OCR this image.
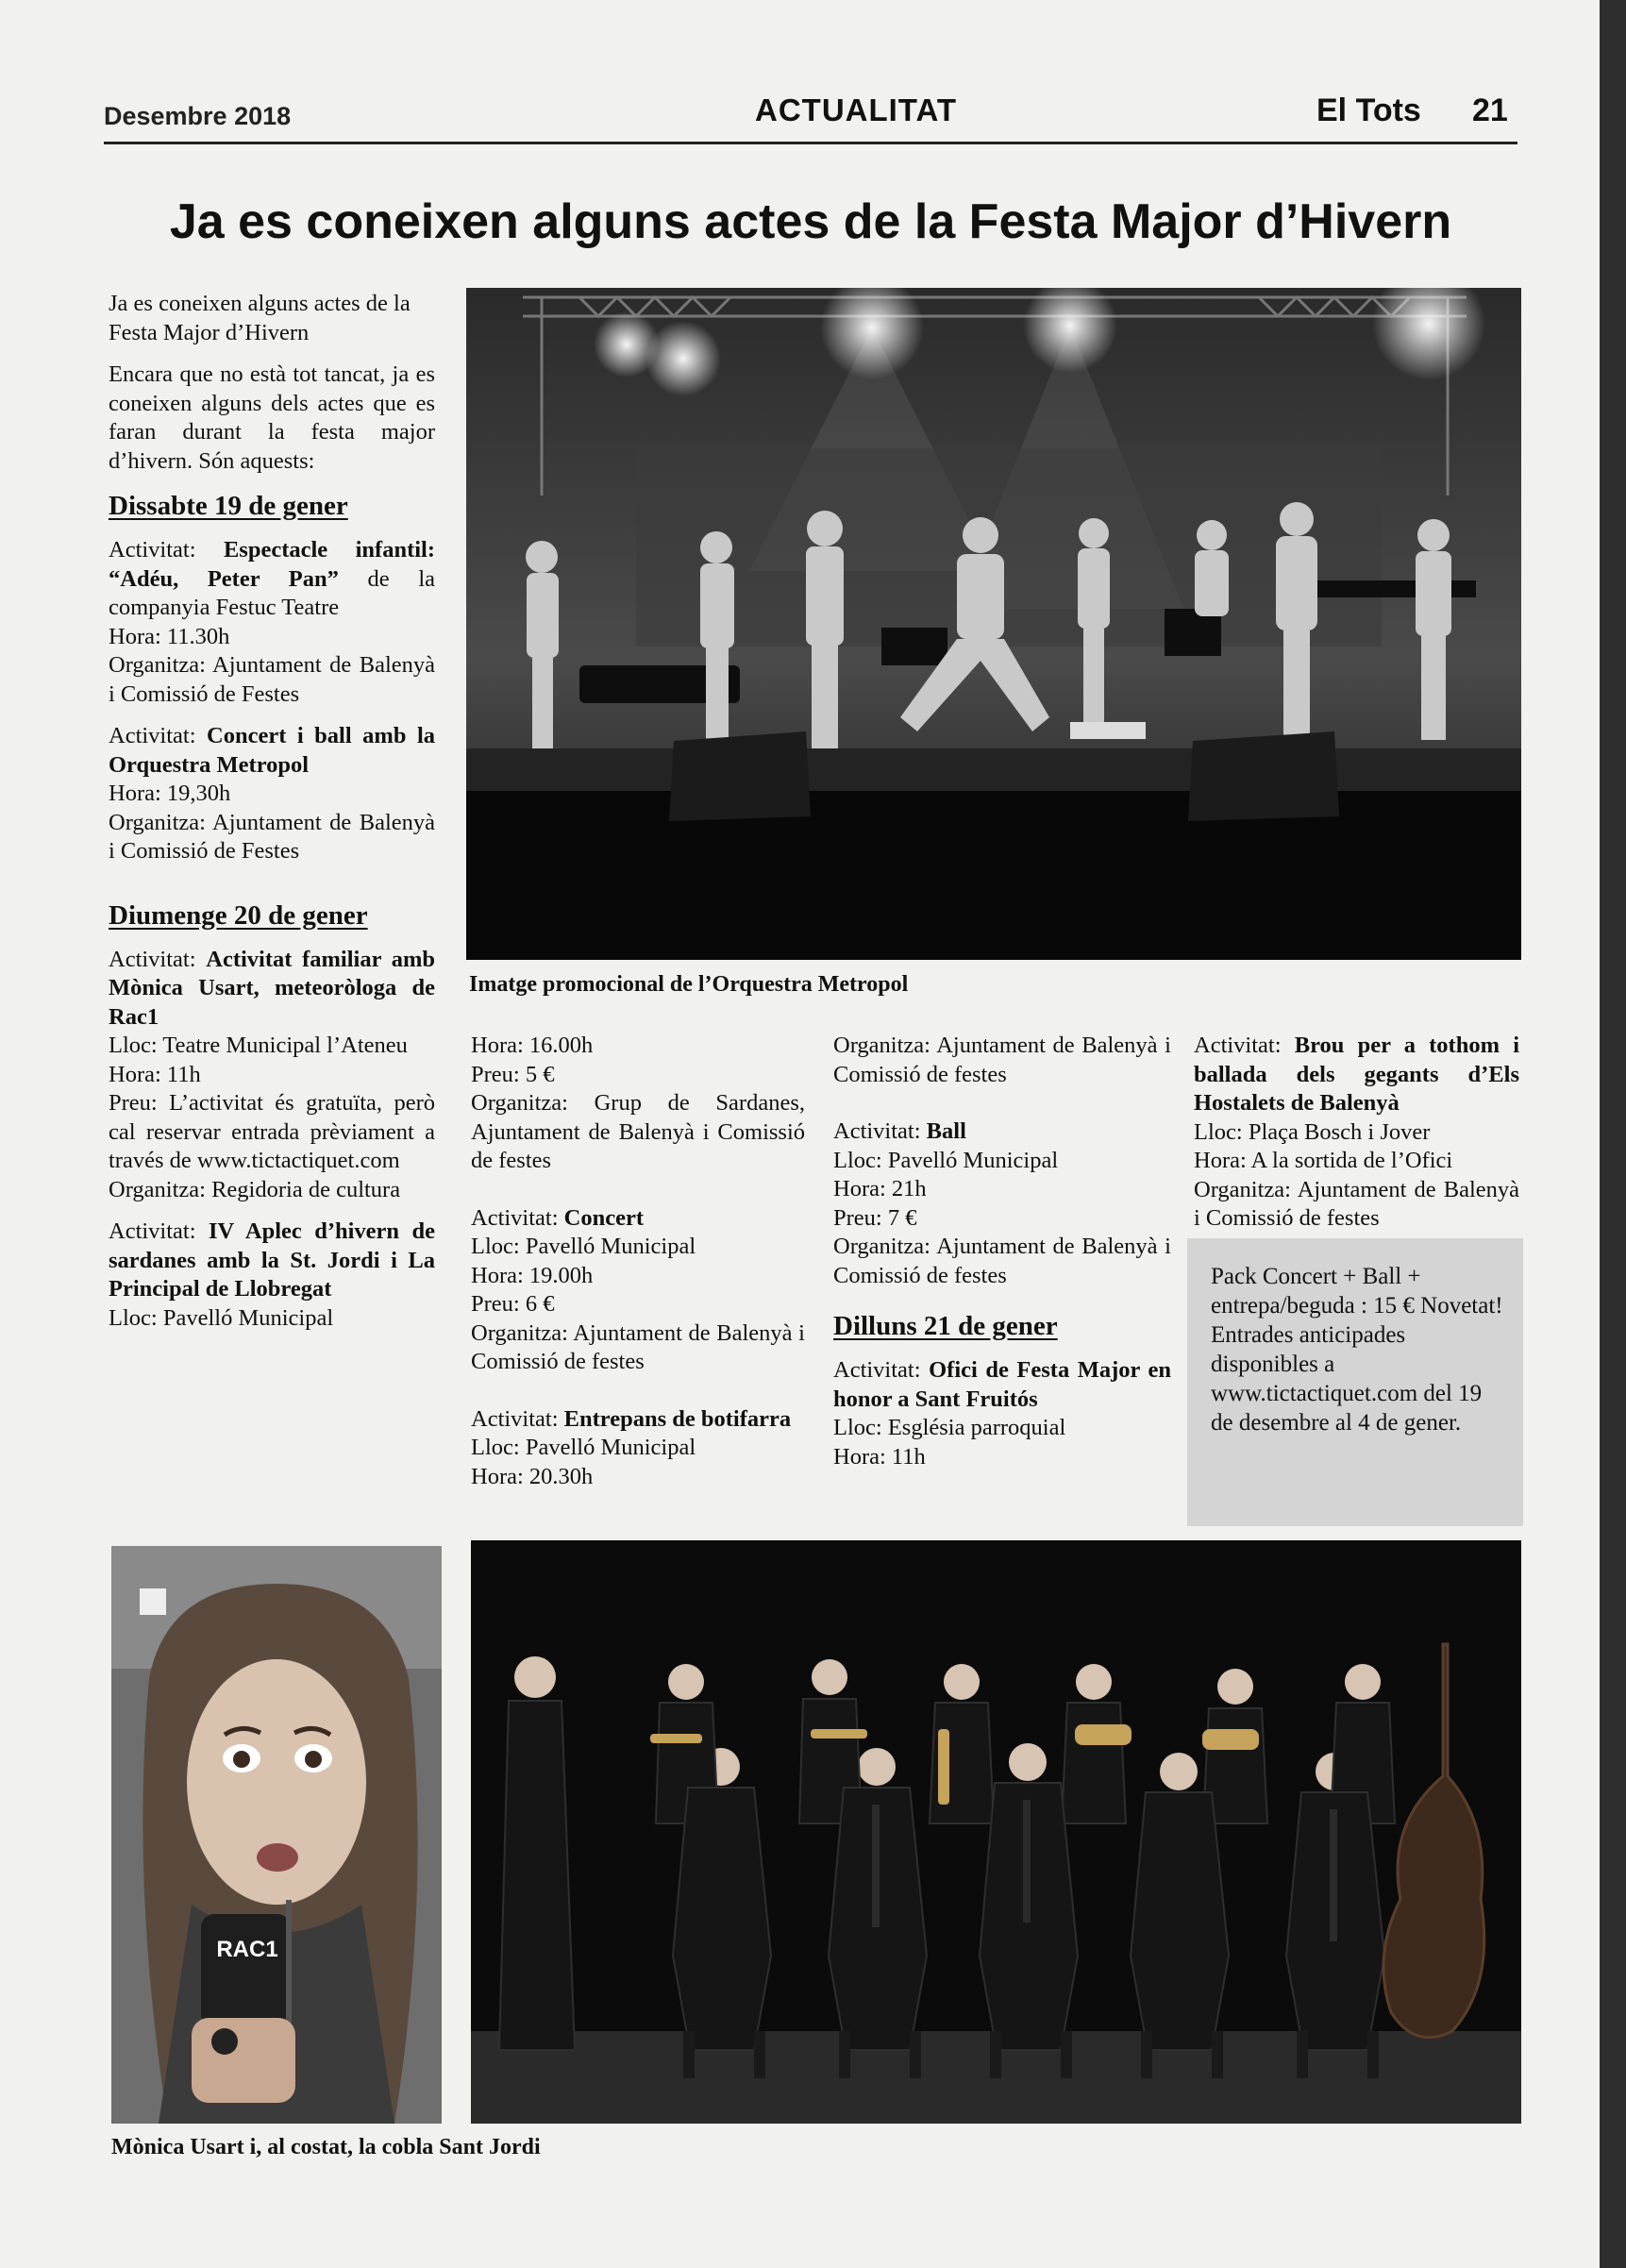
Desembre 2018	ACTUALITAT	El Tots 21
Ja es coneixen alguns actes de la Festa Major d’Hivern

Ja es coneixen alguns actes de la Festa Major d’Hivern

Encara que no està tot tancat, ja es coneixen alguns dels actes que es faran durant la festa major d’hivern. Són aquests:

Dissabte 19 de gener

Activitat: Espectacle infantil: “Adéu, Peter Pan” de la companyia Festuc Teatre

Hora: 11.30h

Organitza: Ajuntament de Balenyà i Comissió de Festes

Activitat: Concert i ball amb la Orquestra Metropol

Hora: 19,30h

Organitza: Ajuntament de Balenyà i Comissió de Festes

Diumenge 20 de gener

Activitat: Activitat familiar amb Mònica Usart, meteoròloga de Rac1

Lloc: Teatre Municipal l’Ateneu

Hora: 11h

Preu: L’activitat és gratuïta, però cal reservar entrada prèviament a través de www.tictactiquet.com

Organitza: Regidoria de cultura

Activitat: IV Aplec d’hivern de sardanes amb la St. Jordi i La Principal de Llobregat

Lloc: Pavelló Municipal

Hora: 16.00h

Preu: 5 €

Organitza: Grup de Sardanes, Ajuntament de Balenyà i Comissió de festes

Activitat: Concert

Lloc: Pavelló Municipal

Hora: 19.00h

Preu: 6 €

Organitza: Ajuntament de Balenyà i Comissió de festes

Activitat: Entrepans de botifarra

Lloc: Pavelló Municipal

Hora: 20.30h

Organitza: Ajuntament de Balenyà i Comissió de festes

Activitat: Ball

Lloc: Pavelló Municipal

Hora: 21h

Preu: 7 €

Organitza: Ajuntament de Balenyà i Comissió de festes

Dilluns 21 de gener

Activitat: Ofici de Festa Major en honor a Sant Fruitós

Lloc: Església parroquial

Hora: 11h

Activitat: Brou per a tothom i ballada dels gegants d’Els Hostalets de Balenyà

Lloc: Plaça Bosch i Jover

Hora: A la sortida de l’Ofici

Organitza: Ajuntament de Balenyà i Comissió de festes

Pack Concert + Ball + entrepa/beguda : 15 € Novetat! Entrades anticipades disponibles a www.tictactiquet.com del 19 de desembre al 4 de gener.
Imatge promocional de l’Orquestra Metropol
RAC1
Mònica Usart i, al costat, la cobla Sant Jordi
